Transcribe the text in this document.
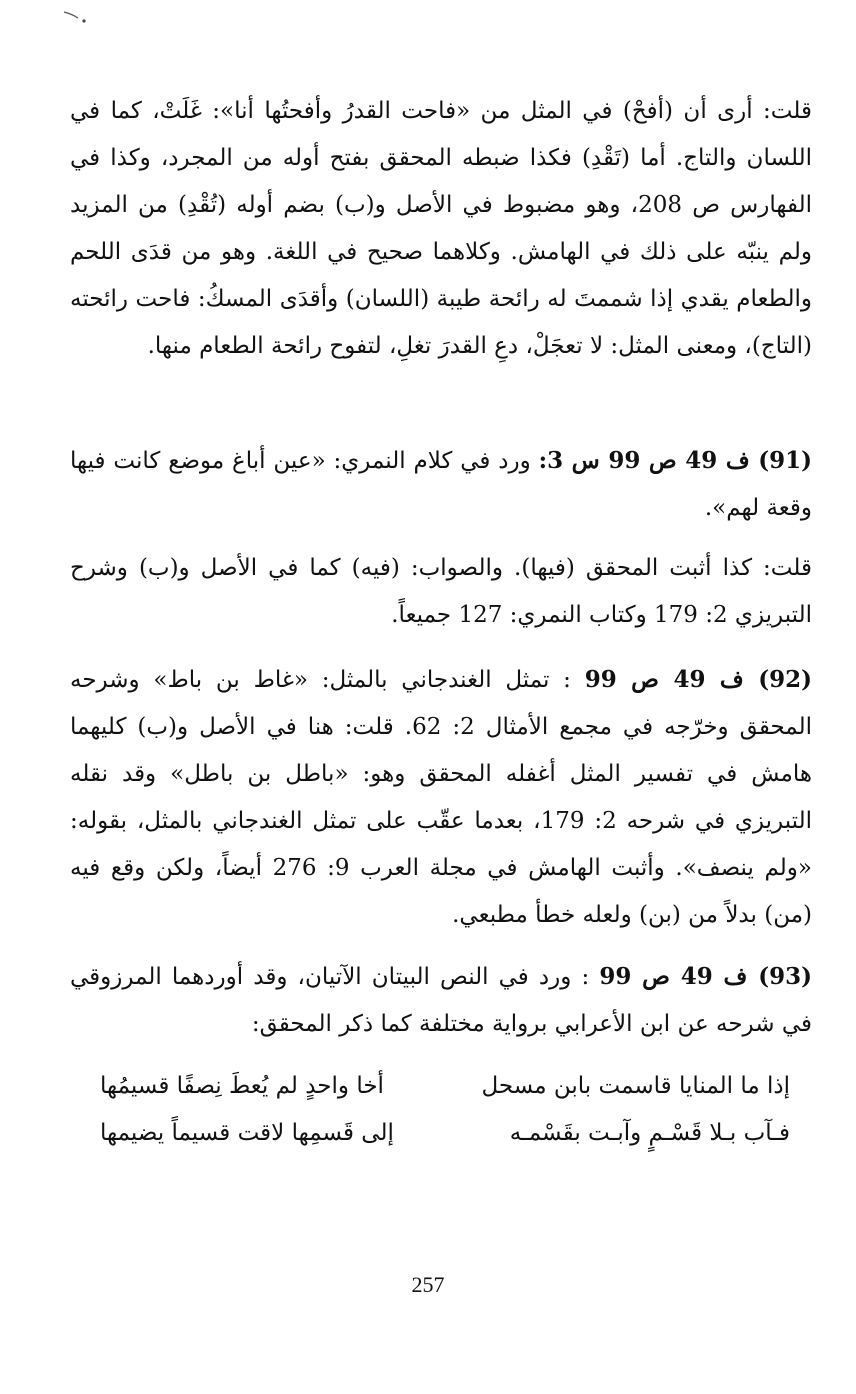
قلت: أرى أن (أفحْ) في المثل من «فاحت القدرُ وأفحتُها أنا»: غَلَتْ، كما في اللسان والتاج. أما (تَقْدِ) فكذا ضبطه المحقق بفتح أوله من المجرد، وكذا في الفهارس ص 208، وهو مضبوط في الأصل و(ب) بضم أوله (تُقْدِ) من المزيد ولم ينبّه على ذلك في الهامش. وكلاهما صحيح في اللغة. وهو من قدَى اللحم والطعام يقدي إذا شممتَ له رائحة طيبة (اللسان) وأقدَى المسكُ: فاحت رائحته (التاج)، ومعنى المثل: لا تعجَلْ، دعِ القدرَ تغلِ، لتفوح رائحة الطعام منها.

(91) ف 49 ص 99 س 3: ورد في كلام النمري: «عين أباغ موضع كانت فيها وقعة لهم».

قلت: كذا أثبت المحقق (فيها). والصواب: (فيه) كما في الأصل و(ب) وشرح التبريزي 2: 179 وكتاب النمري: 127 جميعاً.

(92) ف 49 ص 99 : تمثل الغندجاني بالمثل: «غاط بن باط» وشرحه المحقق وخرّجه في مجمع الأمثال 2: 62. قلت: هنا في الأصل و(ب) كليهما هامش في تفسير المثل أغفله المحقق وهو: «باطل بن باطل» وقد نقله التبريزي في شرحه 2: 179، بعدما عقّب على تمثل الغندجاني بالمثل، بقوله: «ولم ينصف». وأثبت الهامش في مجلة العرب 9: 276 أيضاً، ولكن وقع فيه (من) بدلاً من (بن) ولعله خطأ مطبعي.

(93) ف 49 ص 99 : ورد في النص البيتان الآتيان، وقد أوردهما المرزوقي في شرحه عن ابن الأعرابي برواية مختلفة كما ذكر المحقق:

إذا ما المنايا قاسمت بابن مسحل
أخا واحدٍ لم يُعطَ نِصفًا قسيمُها
فـآب بـلا قَسْـمٍ وآبـت بقَسْمـه
إلى قَسمِها لاقت قسيماً يضيمها
257
